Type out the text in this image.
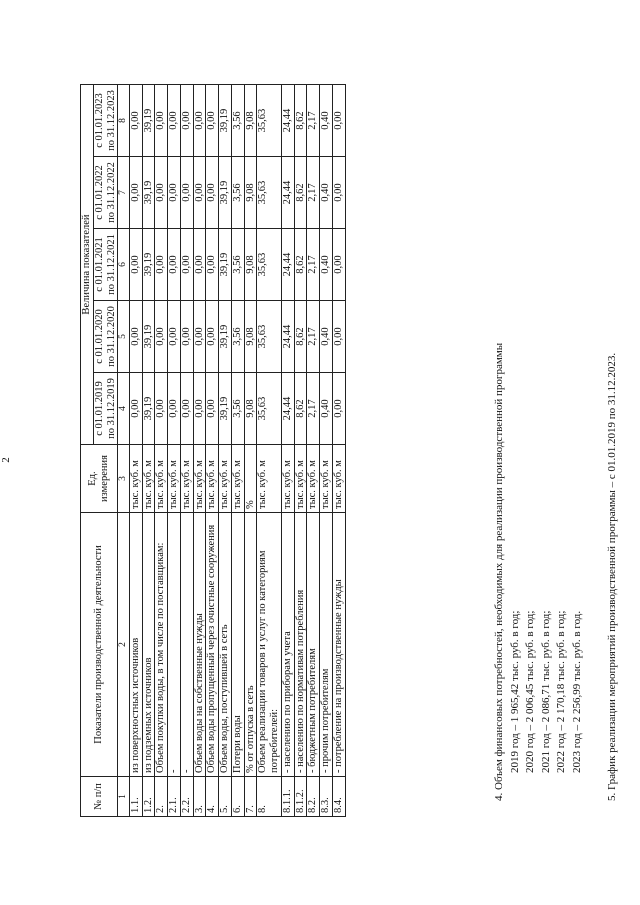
2
№ п/п	Показатели производственной деятельности	Ед. измерения	Величина показателей				
			с 01.01.2019 по 31.12.2019	с 01.01.2020 по 31.12.2020	с 01.01.2021 по 31.12.2021	с 01.01.2022 по 31.12.2022	с 01.01.2023 по 31.12.2023
1	2	3	4	5	6	7	8
1.1.	из поверхностных источников	тыс. куб. м	0,00	0,00	0,00	0,00	0,00
1.2.	из подземных источников	тыс. куб. м	39,19	39,19	39,19	39,19	39,19
2.	Объем покупки воды, в том числе по поставщикам:	тыс. куб. м	0,00	0,00	0,00	0,00	0,00
2.1.	-	тыс. куб. м	0,00	0,00	0,00	0,00	0,00
2.2.	-	тыс. куб. м	0,00	0,00	0,00	0,00	0,00
3.	Объем воды на собственные нужды	тыс. куб. м	0,00	0,00	0,00	0,00	0,00
4.	Объем воды пропущенный через очистные сооружения	тыс. куб. м	0,00	0,00	0,00	0,00	0,00
5.	Объем воды, поступившей в сеть	тыс. куб. м	39,19	39,19	39,19	39,19	39,19
6.	Потери воды	тыс. куб. м	3,56	3,56	3,56	3,56	3,56
7.	% от отпуска в сеть	%	9,08	9,08	9,08	9,08	9,08
8.	Объем реализации товаров и услуг по категориям потребителей:	тыс. куб. м	35,63	35,63	35,63	35,63	35,63
8.1.1.	- населению по приборам учета	тыс. куб. м	24,44	24,44	24,44	24,44	24,44
8.1.2.	- населению по нормативам потребления	тыс. куб. м	8,62	8,62	8,62	8,62	8,62
8.2.	- бюджетным потребителям	тыс. куб. м	2,17	2,17	2,17	2,17	2,17
8.3.	- прочим потребителям	тыс. куб. м	0,40	0,40	0,40	0,40	0,40
8.4.	- потребление на производственные нужды	тыс. куб. м	0,00	0,00	0,00	0,00	0,00
4. Объем финансовых потребностей, необходимых для реализации производственной программы 2019 год – 1 965,42 тыс. руб. в год; 2020 год – 2 006,45 тыс. руб. в год; 2021 год – 2 086,71 тыс. руб. в год; 2022 год – 2 170,18 тыс. руб. в год; 2023 год – 2 256,99 тыс. руб. в год. 5. График реализации мероприятий производственной программы – с 01.01.2019 по 31.12.2023.
